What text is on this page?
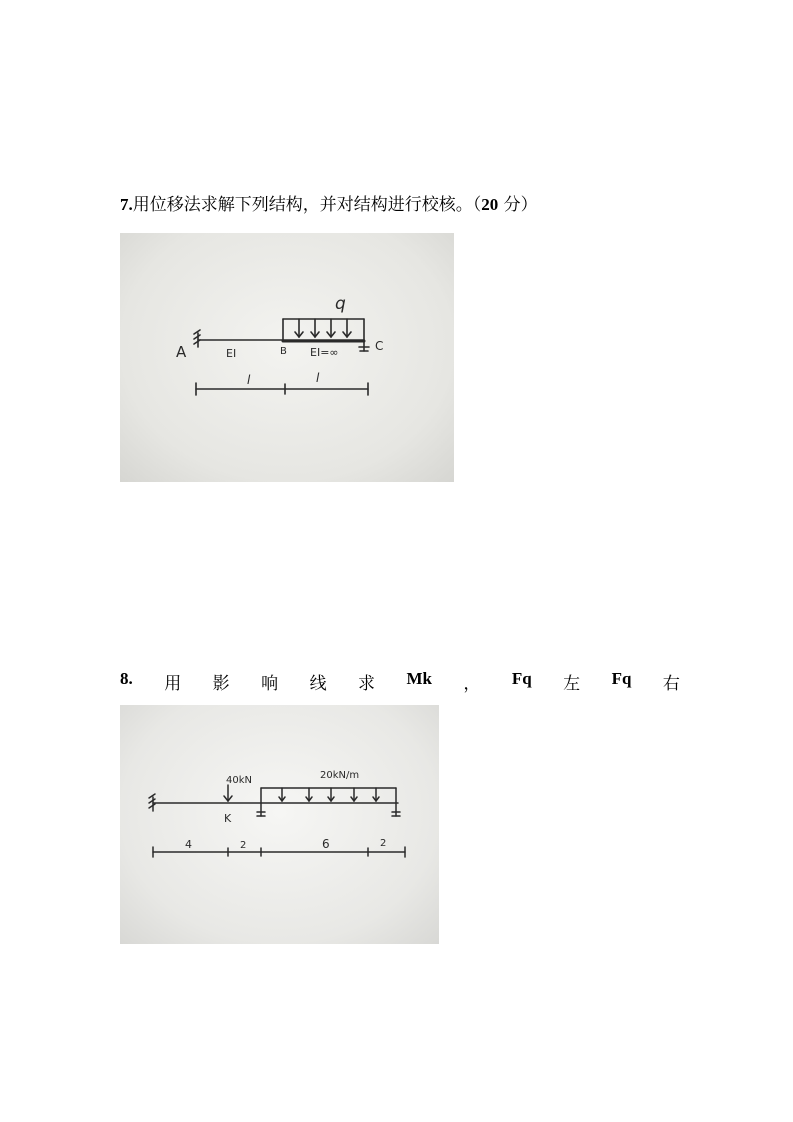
7.用位移法求解下列结构，并对结构进行校核。（20 分）
q
A	B	C
EI	EI=∞
l	l
8. 用 影 响 线 求 Mk ， Fq 左 Fq 右
40kN	20kN/m
K
4	2	6	2
